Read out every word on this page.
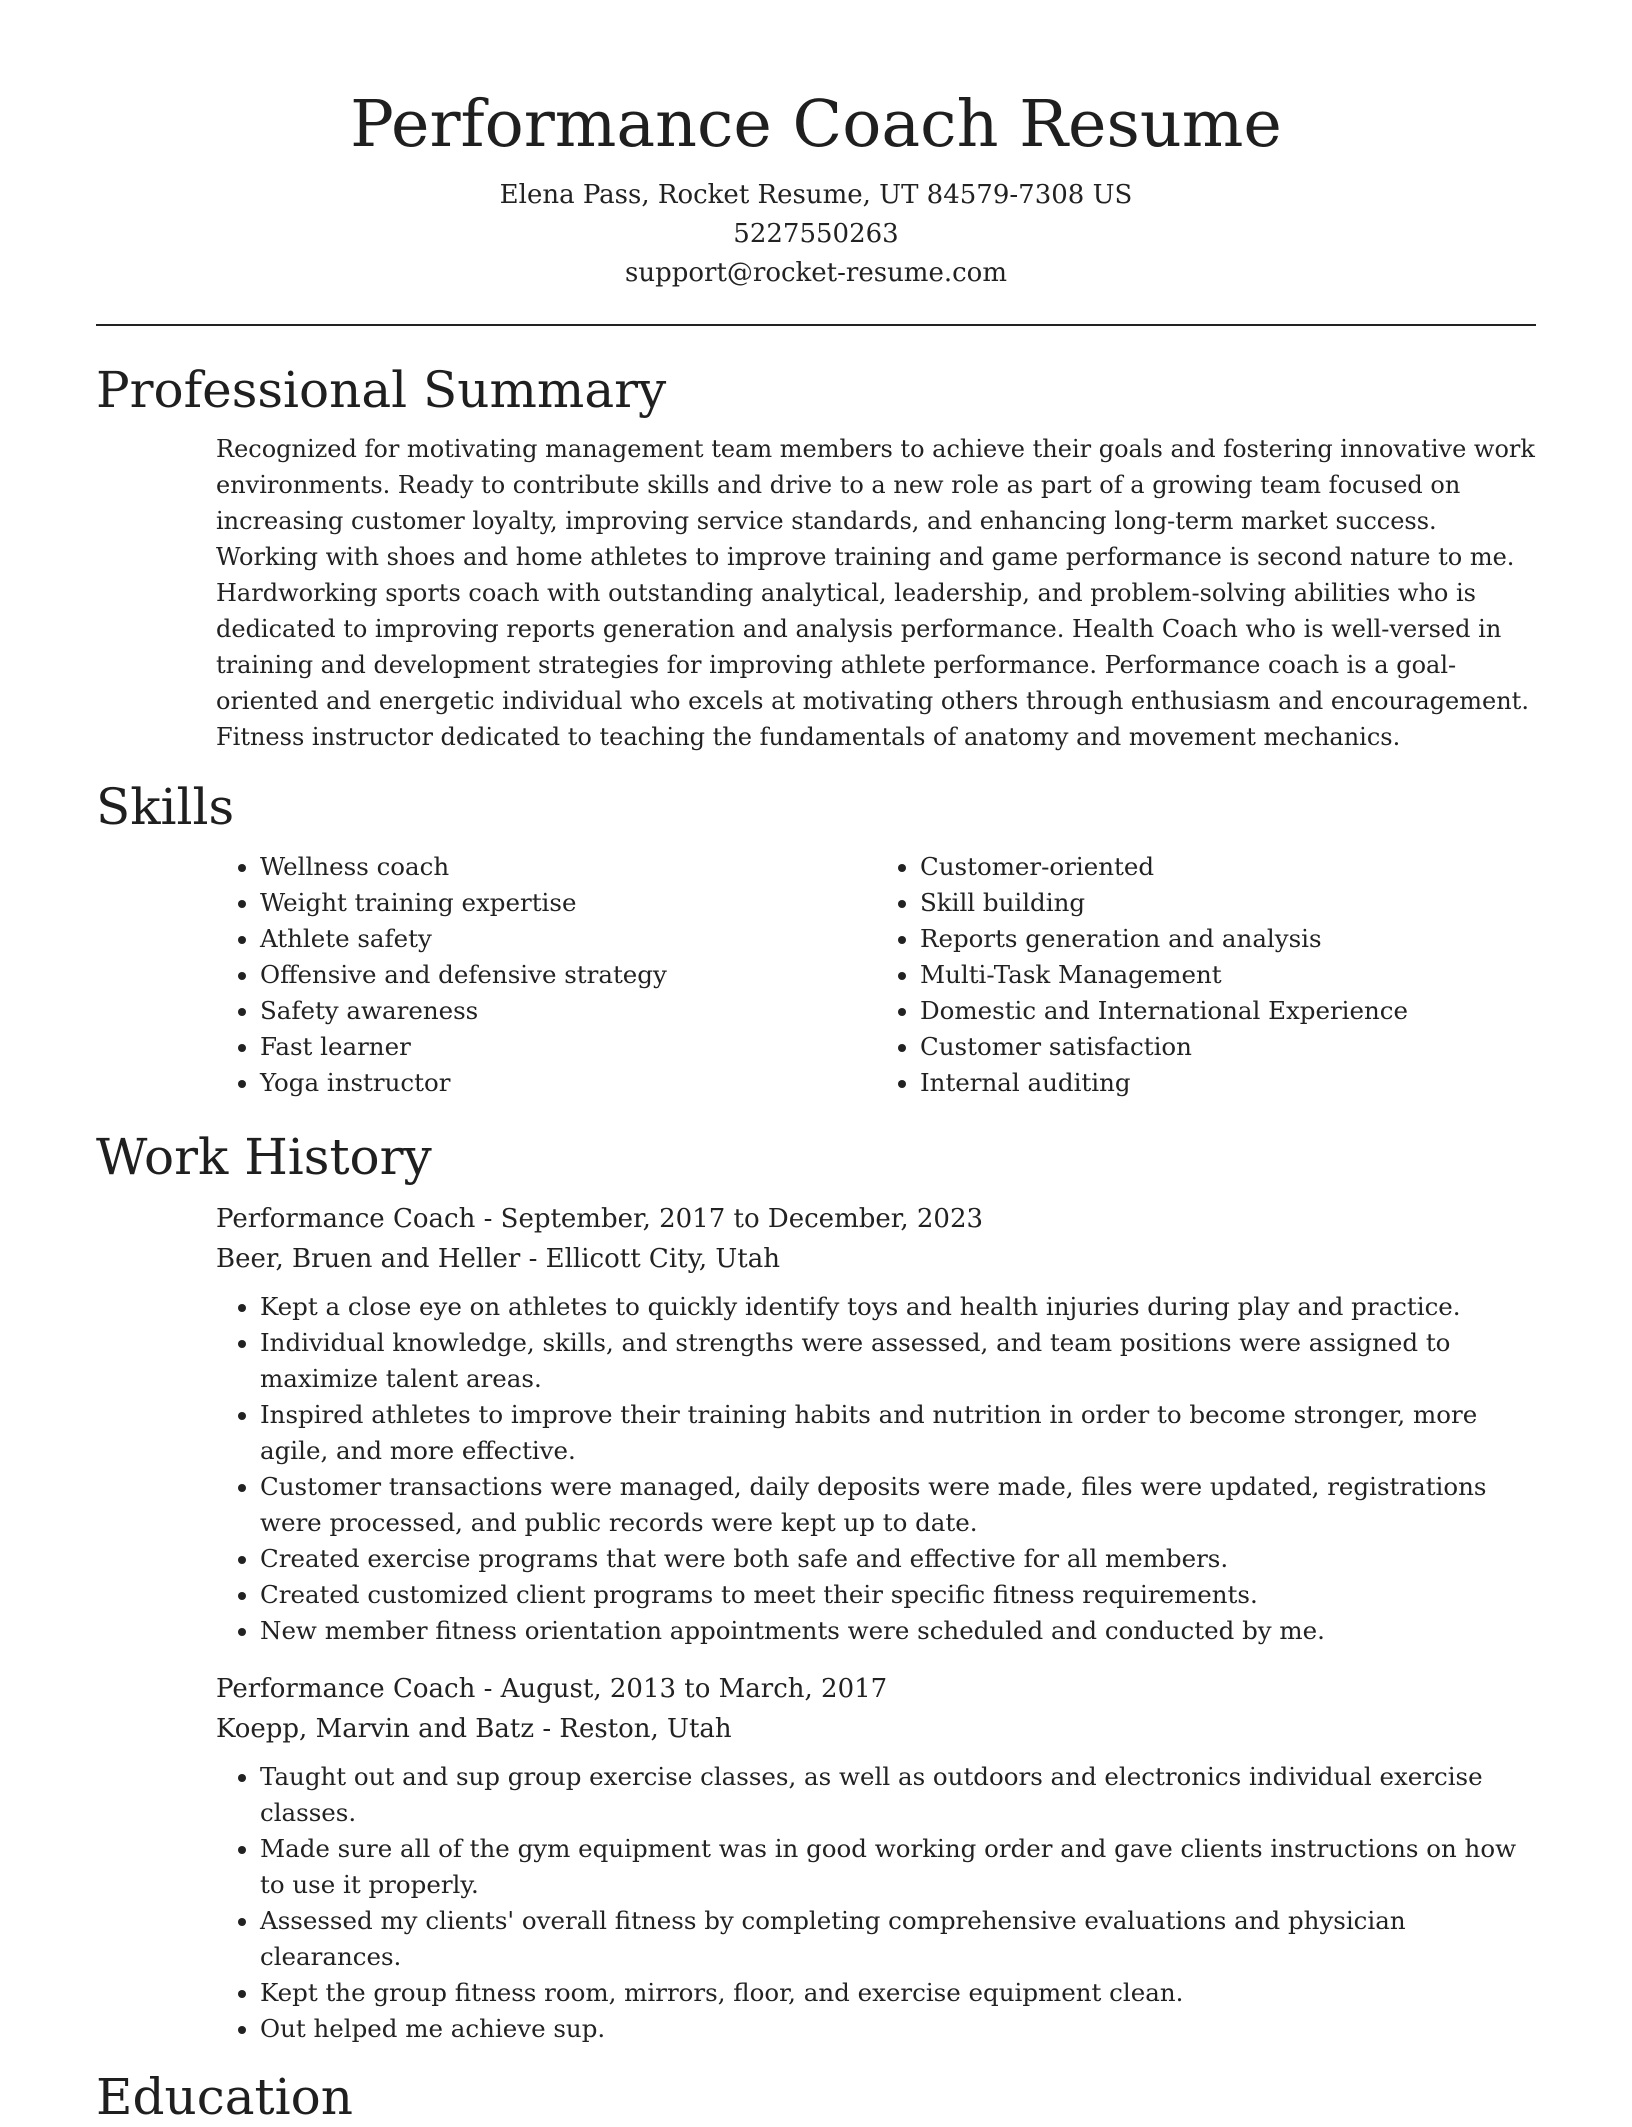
Performance Coach Resume
Elena Pass, Rocket Resume, UT 84579-7308 US
5227550263
support@rocket-resume.com
Professional Summary
Recognized for motivating management team members to achieve their goals and fostering innovative work environments. Ready to contribute skills and drive to a new role as part of a growing team focused on increasing customer loyalty, improving service standards, and enhancing long-term market success. Working with shoes and home athletes to improve training and game performance is second nature to me. Hardworking sports coach with outstanding analytical, leadership, and problem-solving abilities who is dedicated to improving reports generation and analysis performance. Health Coach who is well-versed in training and development strategies for improving athlete performance. Performance coach is a goal-oriented and energetic individual who excels at motivating others through enthusiasm and encouragement. Fitness instructor dedicated to teaching the fundamentals of anatomy and movement mechanics.
Skills
• Wellness coach
• Weight training expertise
• Athlete safety
• Offensive and defensive strategy
• Safety awareness
• Fast learner
• Yoga instructor
• Customer-oriented
• Skill building
• Reports generation and analysis
• Multi-Task Management
• Domestic and International Experience
• Customer satisfaction
• Internal auditing
Work History
Performance Coach - September, 2017 to December, 2023
Beer, Bruen and Heller - Ellicott City, Utah
• Kept a close eye on athletes to quickly identify toys and health injuries during play and practice.
• Individual knowledge, skills, and strengths were assessed, and team positions were assigned to maximize talent areas.
• Inspired athletes to improve their training habits and nutrition in order to become stronger, more agile, and more effective.
• Customer transactions were managed, daily deposits were made, files were updated, registrations were processed, and public records were kept up to date.
• Created exercise programs that were both safe and effective for all members.
• Created customized client programs to meet their specific fitness requirements.
• New member fitness orientation appointments were scheduled and conducted by me.
Performance Coach - August, 2013 to March, 2017
Koepp, Marvin and Batz - Reston, Utah
• Taught out and sup group exercise classes, as well as outdoors and electronics individual exercise classes.
• Made sure all of the gym equipment was in good working order and gave clients instructions on how to use it properly.
• Assessed my clients' overall fitness by completing comprehensive evaluations and physician clearances.
• Kept the group fitness room, mirrors, floor, and exercise equipment clean.
• Out helped me achieve sup.
Education
